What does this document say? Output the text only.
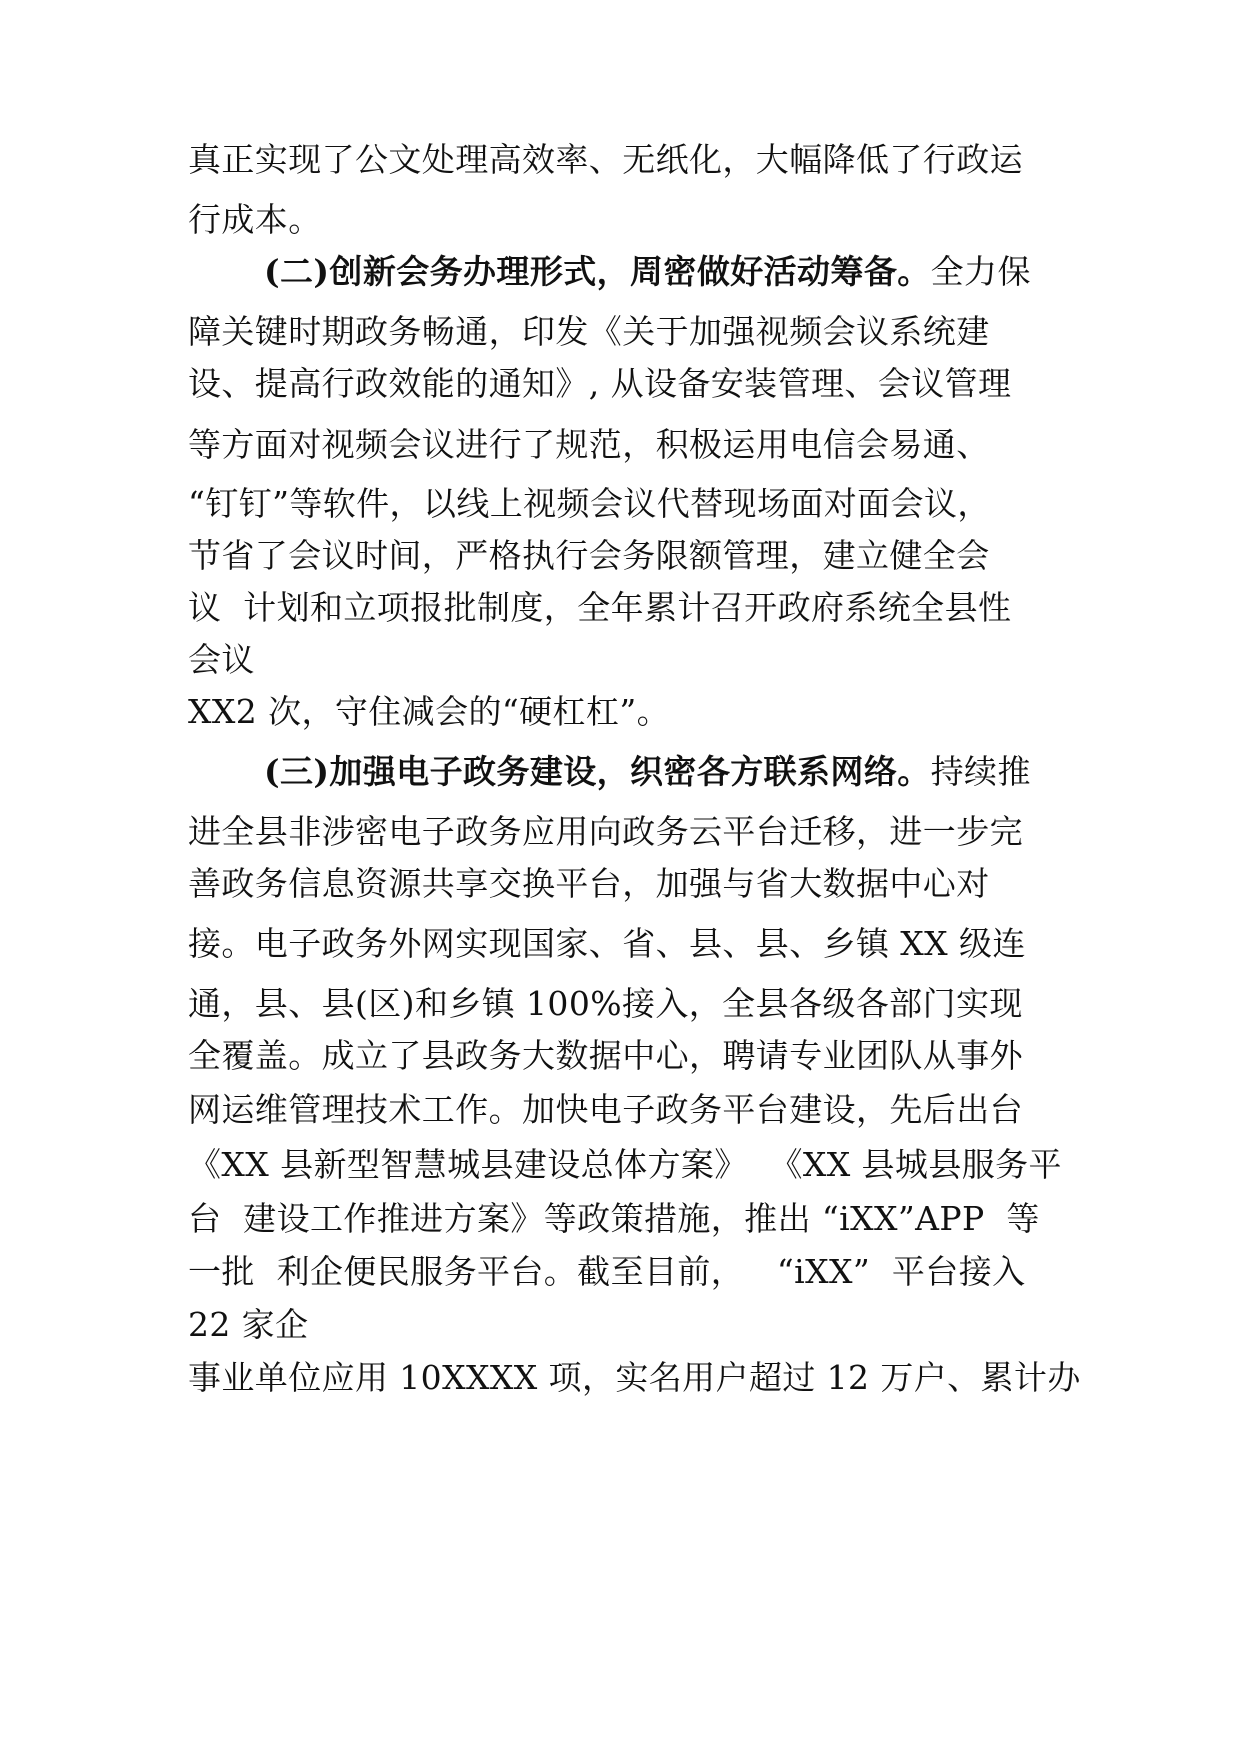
真正实现了公文处理高效率、无纸化，大幅降低了行政运
行成本。
(二)创新会务办理形式，周密做好活动筹备。全力保
障关键时期政务畅通，印发《关于加强视频会议系统建
设、提高行政效能的通知》, 从设备安装管理、会议管理
等方面对视频会议进行了规范，积极运用电信会易通、
“钉钉”等软件，以线上视频会议代替现场面对面会议，
节省了会议时间，严格执行会务限额管理，建立健全会
议  计划和立项报批制度，全年累计召开政府系统全县性
会议
XX2 次，守住减会的“硬杠杠”。
(三)加强电子政务建设，织密各方联系网络。持续推
进全县非涉密电子政务应用向政务云平台迁移，进一步完
善政务信息资源共享交换平台，加强与省大数据中心对
接。电子政务外网实现国家、省、县、县、乡镇 XX 级连
通，县、县(区)和乡镇 100%接入，全县各级各部门实现
全覆盖。成立了县政务大数据中心，聘请专业团队从事外
网运维管理技术工作。加快电子政务平台建设，先后出台
《XX 县新型智慧城县建设总体方案》  《XX 县城县服务平
台  建设工作推进方案》等政策措施，推出 “iXX”APP  等
一批  利企便民服务平台。截至目前，   “iXX”  平台接入
22 家企
事业单位应用 10XXXX 项，实名用户超过 12 万户、累计办
